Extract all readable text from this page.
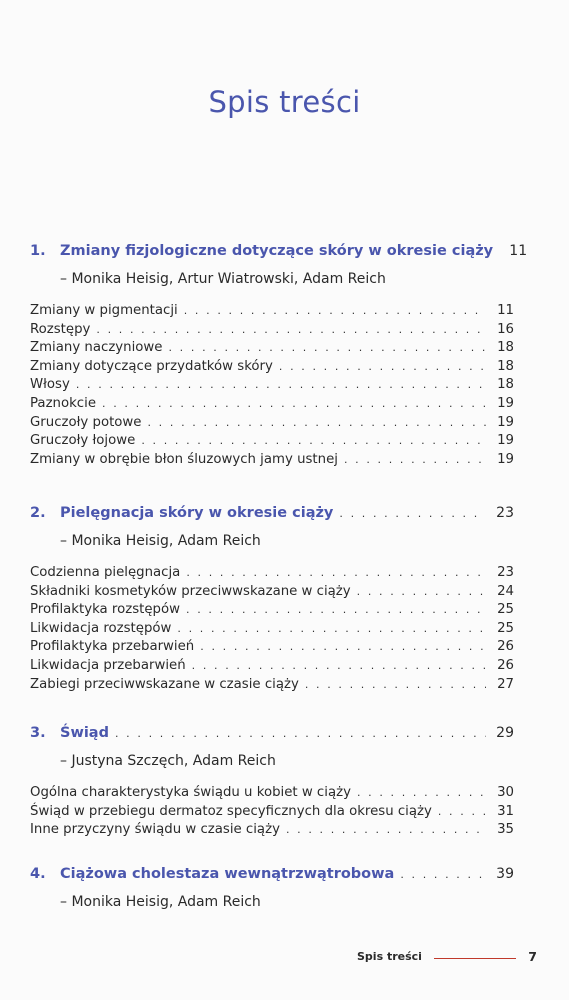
Spis treści
1. Zmiany fizjologiczne dotyczące skóry w okresie ciąży 11
– Monika Heisig, Artur Wiatrowski, Adam Reich
Zmiany w pigmentacji . . .	11
Rozstępy . . .	16
Zmiany naczyniowe . . .	18
Zmiany dotyczące przydatków skóry . . .	18
Włosy . . .	18
Paznokcie . . .	19
Gruczoły potowe . . .	19
Gruczoły łojowe . . .	19
Zmiany w obrębie błon śluzowych jamy ustnej . . .	19
2. Pielęgnacja skóry w okresie ciąży . . .	23
– Monika Heisig, Adam Reich
Codzienna pielęgnacja . . .	23
Składniki kosmetyków przeciwwskazane w ciąży . . .	24
Profilaktyka rozstępów . . .	25
Likwidacja rozstępów . . .	25
Profilaktyka przebarwień . . .	26
Likwidacja przebarwień . . .	26
Zabiegi przeciwwskazane w czasie ciąży . . .	27
3. Świąd . . .	29
– Justyna Szczęch, Adam Reich
Ogólna charakterystyka świądu u kobiet w ciąży . . .	30
Świąd w przebiegu dermatoz specyficznych dla okresu ciąży . . .	31
Inne przyczyny świądu w czasie ciąży . . .	35
4. Ciążowa cholestaza wewnątrzwątrobowa . . .	39
– Monika Heisig, Adam Reich
Spis treści	7
